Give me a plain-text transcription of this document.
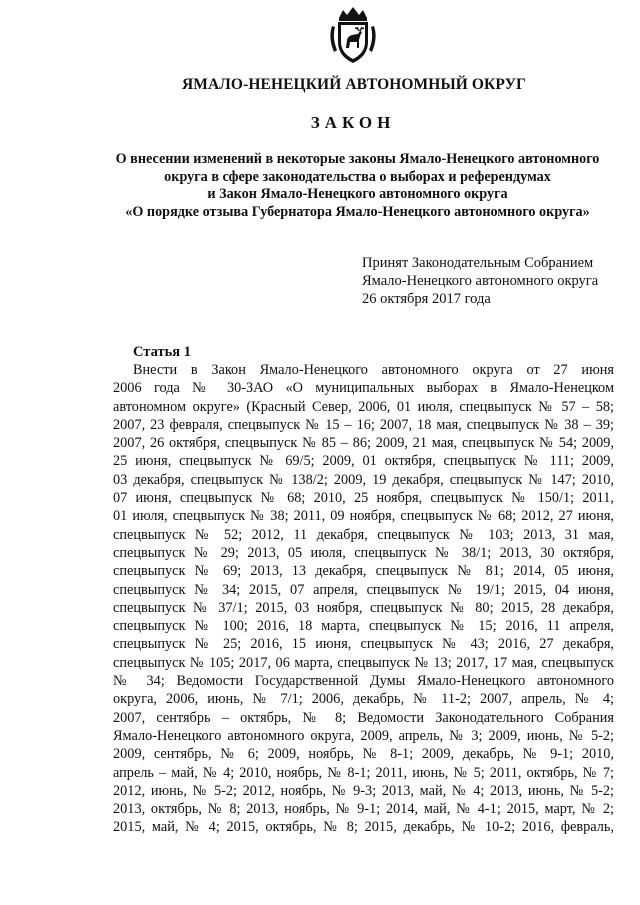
ЯМАЛО-НЕНЕЦКИЙ АВТОНОМНЫЙ ОКРУГ
ЗАКОН
О внесении изменений в некоторые законы Ямало-Ненецкого автономного
округа в сфере законодательства о выборах и референдумах
и Закон Ямало-Ненецкого автономного округа
«О порядке отзыва Губернатора Ямало-Ненецкого автономного округа»
Принят Законодательным Собранием
Ямало-Ненецкого автономного округа
26 октября 2017 года
Статья 1
Внести в Закон Ямало-Ненецкого автономного округа от 27 июня
2006 года № 30-ЗАО «О муниципальных выборах в Ямало-Ненецком
автономном округе» (Красный Север, 2006, 01 июля, спецвыпуск № 57 – 58;
2007, 23 февраля, спецвыпуск № 15 – 16; 2007, 18 мая, спецвыпуск № 38 – 39;
2007, 26 октября, спецвыпуск № 85 – 86; 2009, 21 мая, спецвыпуск № 54; 2009,
25 июня, спецвыпуск № 69/5; 2009, 01 октября, спецвыпуск № 111; 2009,
03 декабря, спецвыпуск № 138/2; 2009, 19 декабря, спецвыпуск № 147; 2010,
07 июня, спецвыпуск № 68; 2010, 25 ноября, спецвыпуск № 150/1; 2011,
01 июля, спецвыпуск № 38; 2011, 09 ноября, спецвыпуск № 68; 2012, 27 июня,
спецвыпуск № 52; 2012, 11 декабря, спецвыпуск № 103; 2013, 31 мая,
спецвыпуск № 29; 2013, 05 июля, спецвыпуск № 38/1; 2013, 30 октября,
спецвыпуск № 69; 2013, 13 декабря, спецвыпуск № 81; 2014, 05 июня,
спецвыпуск № 34; 2015, 07 апреля, спецвыпуск № 19/1; 2015, 04 июня,
спецвыпуск № 37/1; 2015, 03 ноября, спецвыпуск № 80; 2015, 28 декабря,
спецвыпуск № 100; 2016, 18 марта, спецвыпуск № 15; 2016, 11 апреля,
спецвыпуск № 25; 2016, 15 июня, спецвыпуск № 43; 2016, 27 декабря,
спецвыпуск № 105; 2017, 06 марта, спецвыпуск № 13; 2017, 17 мая, спецвыпуск
№ 34; Ведомости Государственной Думы Ямало-Ненецкого автономного
округа, 2006, июнь, № 7/1; 2006, декабрь, № 11-2; 2007, апрель, № 4;
2007, сентябрь – октябрь, № 8; Ведомости Законодательного Собрания
Ямало-Ненецкого автономного округа, 2009, апрель, № 3; 2009, июнь, № 5-2;
2009, сентябрь, № 6; 2009, ноябрь, № 8-1; 2009, декабрь, № 9-1; 2010,
апрель – май, № 4; 2010, ноябрь, № 8-1; 2011, июнь, № 5; 2011, октябрь, № 7;
2012, июнь, № 5-2; 2012, ноябрь, № 9-3; 2013, май, № 4; 2013, июнь, № 5-2;
2013, октябрь, № 8; 2013, ноябрь, № 9-1; 2014, май, № 4-1; 2015, март, № 2;
2015, май, № 4; 2015, октябрь, № 8; 2015, декабрь, № 10-2; 2016, февраль,
